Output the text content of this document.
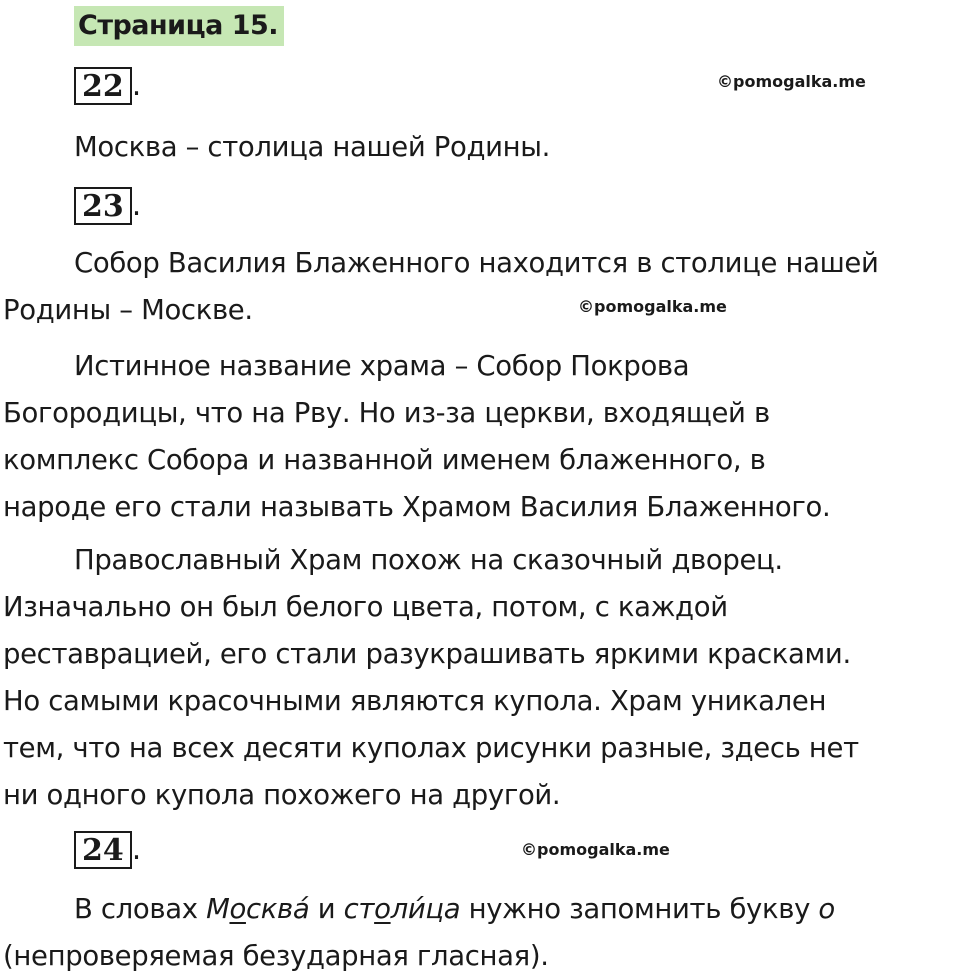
Страница 15.
22 .	©pomogalka.me

Москва – столица нашей Родины.

23 .

Собор Василия Блаженного находится в столице нашей
Родины – Москве.	©pomogalka.me

Истинное название храма – Собор Покрова
Богородицы, что на Рву. Но из-за церкви, входящей в
комплекс Собора и названной именем блаженного, в
народе его стали называть Храмом Василия Блаженного.

Православный Храм похож на сказочный дворец.
Изначально он был белого цвета, потом, с каждой
реставрацией, его стали разукрашивать яркими красками.
Но самыми красочными являются купола. Храм уникален
тем, что на всех десяти куполах рисунки разные, здесь нет
ни одного купола похожего на другой.

24 .	©pomogalka.me

В словах Москвá и столи́ца нужно запомнить букву о
(непроверяемая безударная гласная).
